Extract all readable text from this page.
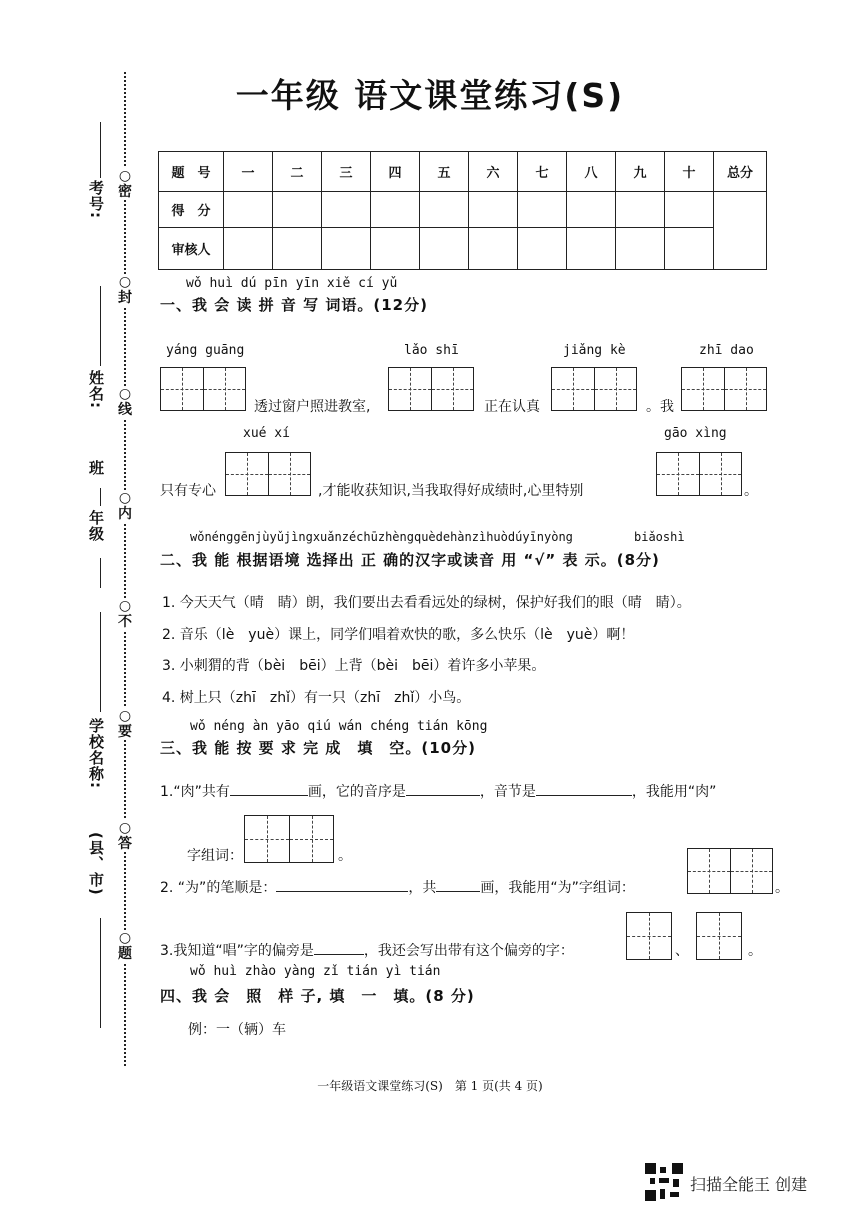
考号:
姓名:
年级
班
学校名称:
(县、市)
○
密
○
封
○
线
○
内
○
不
○
要
○
答
○
题
一年级 语文课堂练习(S)
题　号	一	二	三	四	五	六	七	八	九	十	总分
得　分											
审核人											
wǒ huì dú pīn yīn xiě cí yǔ
一、我 会 读 拼 音 写 词语。(12分)
yáng guāng	lǎo shī	jiǎng kè	zhī dao
透过窗户照进教室,	正在认真	。我
xué xí	gāo xìng
只有专心	,才能收获知识,当我取得好成绩时,心里特别	。
wǒnénggēnjùyǔjìngxuǎnzéchūzhèngquèdehànzìhuòdúyīnyòng	biǎoshì
二、我 能 根据语境 选择出 正 确的汉字或读音 用 “√” 表 示。(8分)
1. 今天天气（晴　睛）朗，我们要出去看看远处的绿树，保护好我们的眼（晴　睛）。
2. 音乐（lè　yuè）课上，同学们唱着欢快的歌，多么快乐（lè　yuè）啊！
3. 小刺猬的背（bèi　bēi）上背（bèi　bēi）着许多小苹果。
4. 树上只（zhī　zhǐ）有一只（zhī　zhǐ）小鸟。
wǒ néng àn yāo qiú wán chéng tián kōng
三、我 能 按 要 求 完 成　填　空。(10分)
1.“肉”共有	画，它的音序是	，音节是	，我能用“肉”
字组词：	。
2. “为”的笔顺是：	，共	画，我能用“为”字组词：	。
3.我知道“唱”字的偏旁是	，我还会写出带有这个偏旁的字：	、	。
wǒ huì zhào yàng zǐ tián yì tián
四、我 会　照　样 子, 填　一　填。(8 分)
例：一（辆）车
一年级语文课堂练习(S)　第 1 页(共 4 页)
扫描全能王 创建
